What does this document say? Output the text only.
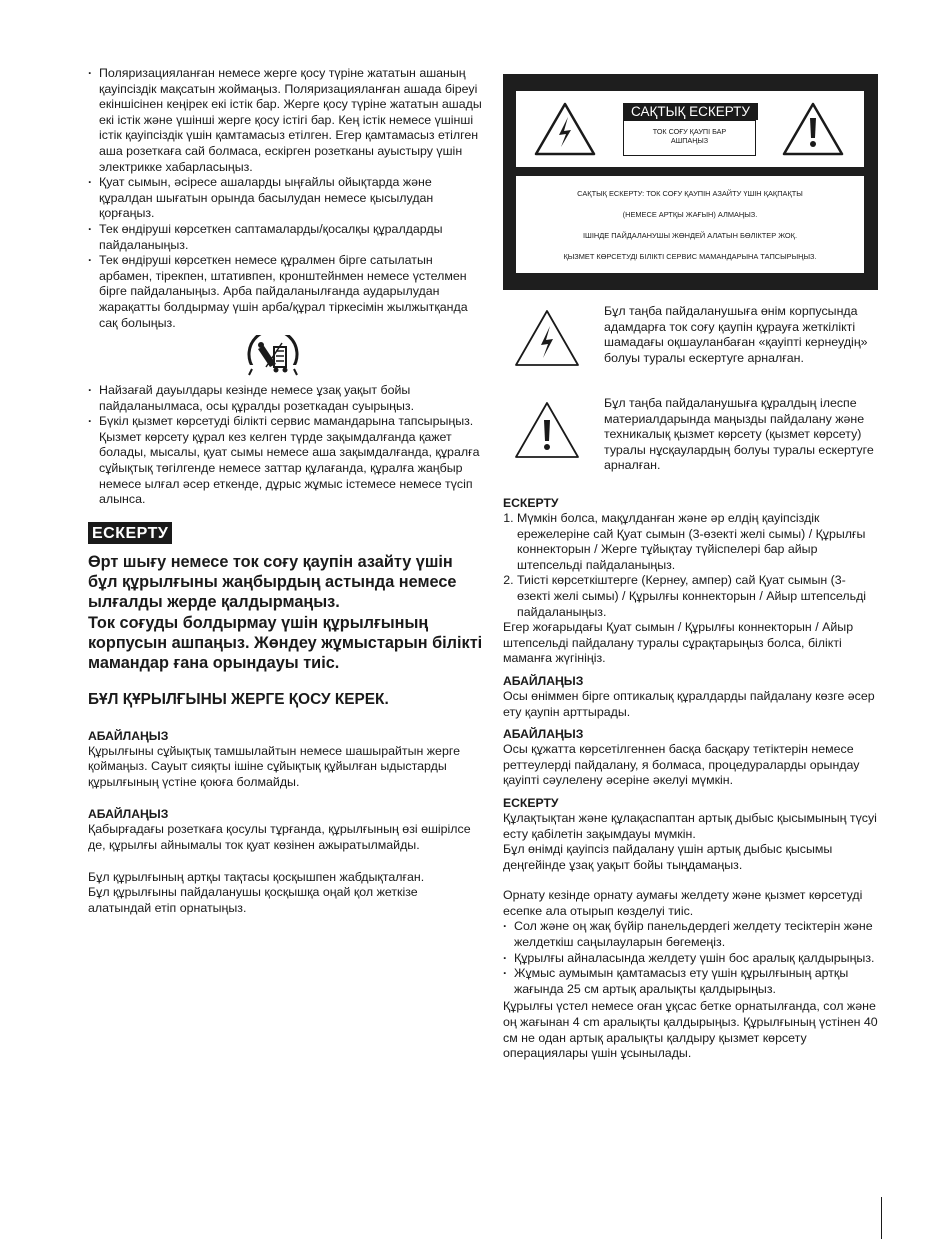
· Поляризацияланған немесе жерге қосу түріне жататын ашаның қауіпсіздік мақсатын жоймаңыз. Поляризацияланған ашада біреуі екіншісінен кеңірек екі істік бар. Жерге қосу түріне жататын ашады екі істік және үшінші жерге қосу істігі бар. Кең істік немесе үшінші істік қауіпсіздік үшін қамтамасыз етілген. Егер қамтамасыз етілген аша розеткаға сай болмаса, ескірген розетканы ауыстыру үшін электрикке хабарласыңыз.
· Қуат сымын, әсіресе ашаларды ыңғайлы ойықтарда және құралдан шығатын орында басылудан немесе қысылудан қорғаңыз.
· Тек өндіруші көрсеткен саптамаларды/қосалқы құралдарды пайдаланыңыз.
· Тек өндіруші көрсеткен немесе құралмен бірге сатылатын арбамен, тірекпен, штативпен, кронштейнмен немесе үстелмен бірге пайдаланыңыз. Арба пайдаланылғанда аударылудан жарақатты болдырмау үшін арба/құрал тіркесімін жылжытқанда сақ болыңыз.
· Найзағай дауылдары кезінде немесе ұзақ уақыт бойы пайдаланылмаса, осы құралды розеткадан суырыңыз.
· Бүкіл қызмет көрсетуді білікті сервис мамандарына тапсырыңыз. Қызмет көрсету құрал кез келген түрде зақымдалғанда қажет болады, мысалы, қуат сымы немесе аша зақымдалғанда, құралға сұйықтық төгілгенде немесе заттар құлағанда, құралға жаңбыр немесе ылғал әсер еткенде, дұрыс жұмыс істемесе немесе түсіп алынса.
ЕСКЕРТУ

Өрт шығу немесе ток соғу қаупін азайту үшін бұл құрылғыны жаңбырдың астында немесе ылғалды жерде қалдырмаңыз.
Ток соғуды болдырмау үшін құрылғының корпусын ашпаңыз. Жөндеу жұмыстарын білікті мамандар ғана орындауы тиіс.

БҰЛ ҚҰРЫЛҒЫНЫ ЖЕРГЕ ҚОСУ КЕРЕК.

АБАЙЛАҢЫЗ

Құрылғыны сұйықтық тамшылайтын немесе шашырайтын жерге қоймаңыз. Сауыт сияқты ішіне сұйықтық құйылған ыдыстарды құрылғының үстіне қоюға болмайды.

АБАЙЛАҢЫЗ

Қабырғадағы розеткаға қосулы тұрғанда, құрылғының өзі өшірілсе де, құрылғы айнымалы ток қуат көзінен ажыратылмайды.

Бұл құрылғының артқы тақтасы қосқышпен жабдықталған.
Бұл құрылғыны пайдаланушы қосқышқа оңай қол жеткізе алатындай етіп орнатыңыз.

САҚТЫҚ ЕСКЕРТУ
ТОК СОҒУ ҚАУПІ БАР
АШПАҢЫЗ

САҚТЫҚ ЕСКЕРТУ: ТОК СОҒУ ҚАУПІН АЗАЙТУ ҮШІН ҚАҚПАҚТЫ

(НЕМЕСЕ АРТҚЫ ЖАҒЫН) АЛМАҢЫЗ.

ІШІНДЕ ПАЙДАЛАНУШЫ ЖӨНДЕЙ АЛАТЫН БӨЛІКТЕР ЖОҚ.

ҚЫЗМЕТ КӨРСЕТУДІ БІЛІКТІ СЕРВИС МАМАНДАРЫНА ТАПСЫРЫҢЫЗ.

Бұл таңба пайдаланушыға өнім корпусында адамдарға ток соғу қаупін құрауға жеткілікті шамадағы оқшауланбаған «қауіпті кернеудің» болуы туралы ескертуге арналған.

Бұл таңба пайдаланушыға құралдың ілеспе материалдарында маңызды пайдалану және техникалық қызмет көрсету (қызмет көрсету) туралы нұсқаулардың болуы туралы ескертуге арналған.

ЕСКЕРТУ

1. Мүмкін болса, мақұлданған және әр елдің қауіпсіздік ережелеріне сай Қуат сымын (3-өзекті желі сымы) / Құрылғы коннекторын / Жерге тұйықтау түйіспелері бар айыр штепсельді пайдаланыңыз.
2. Тиісті көрсеткіштерге (Кернеу, ампер) сай Қуат сымын (3-өзекті желі сымы) / Құрылғы коннекторын / Айыр штепсельді пайдаланыңыз.

Егер жоғарыдағы Қуат сымын / Құрылғы коннекторын / Айыр штепсельді пайдалану туралы сұрақтарыңыз болса, білікті маманға жүгініңіз.

АБАЙЛАҢЫЗ

Осы өніммен бірге оптикалық құралдарды пайдалану көзге әсер ету қаупін арттырады.

АБАЙЛАҢЫЗ

Осы құжатта көрсетілгеннен басқа басқару тетіктерін немесе реттеулерді пайдалану, я болмаса, процедураларды орындау қауіпті сәулелену әсеріне әкелуі мүмкін.

ЕСКЕРТУ

Құлақтықтан және құлақаспаптан артық дыбыс қысымының түсуі есту қабілетін зақымдауы мүмкін.
Бұл өнімді қауіпсіз пайдалану үшін артық дыбыс қысымы деңгейінде ұзақ уақыт бойы тыңдамаңыз.

Орнату кезінде орнату аумағы желдету және қызмет көрсетуді есепке ала отырып көзделуі тиіс.

· Сол жәнe оң жақ бүйір панельдердегі желдету тесіктерін және желдеткіш саңылауларын бөгемеңіз.
· Құрылғы айналасында желдету үшін бос аралық қалдырыңыз.
· Жұмыс аумымын қамтамасыз ету үшін құрылғының артқы жағында 25 см артық аралықты қалдырыңыз.

Құрылғы үстел немесе оған ұқсас бетке орнатылғанда, сол және оң жағынан 4 cm аралықты қалдырыңыз. Құрылғының үстінен 40 см не одан артық аралықты қалдыру қызмет көрсету операциялары үшін ұсынылады.
